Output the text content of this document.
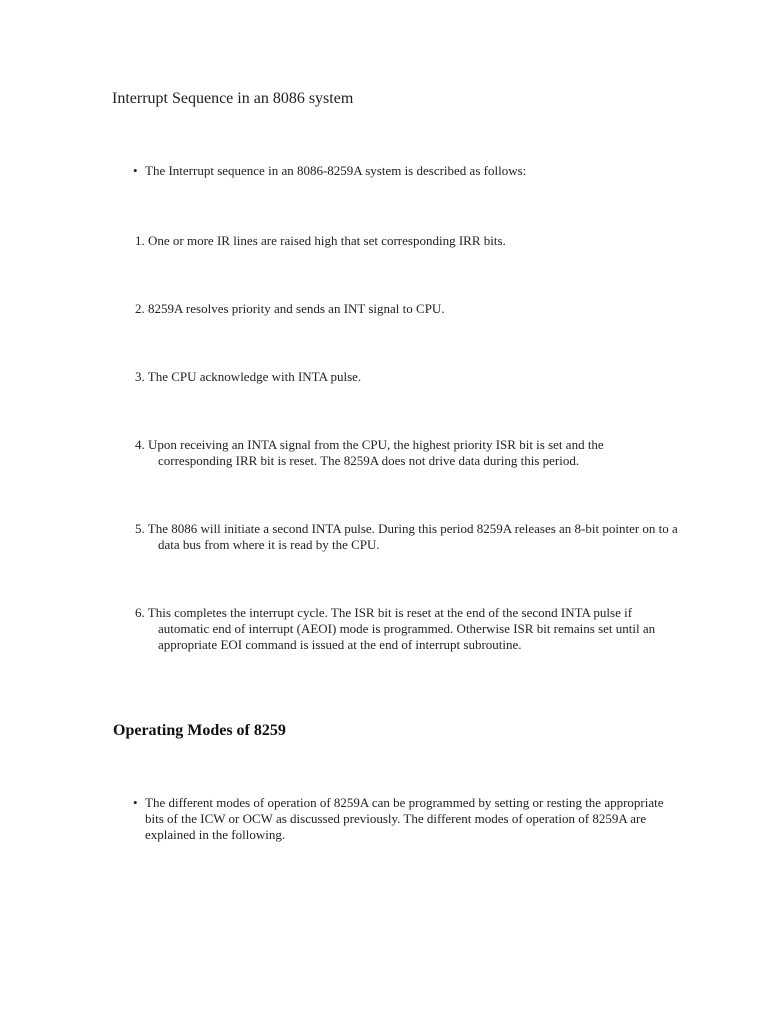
Interrupt Sequence in an 8086 system

• The Interrupt sequence in an 8086-8259A system is described as follows:

1. One or more IR lines are raised high that set corresponding IRR bits.

2. 8259A resolves priority and sends an INT signal to CPU.

3. The CPU acknowledge with INTA pulse.

4. Upon receiving an INTA signal from the CPU, the highest priority ISR bit is set and the corresponding IRR bit is reset. The 8259A does not drive data during this period.

5. The 8086 will initiate a second INTA pulse. During this period 8259A releases an 8-bit pointer on to a data bus from where it is read by the CPU.

6. This completes the interrupt cycle. The ISR bit is reset at the end of the second INTA pulse if automatic end of interrupt (AEOI) mode is programmed. Otherwise ISR bit remains set until an appropriate EOI command is issued at the end of interrupt subroutine.

Operating Modes of 8259

• The different modes of operation of 8259A can be programmed by setting or resting the appropriate bits of the ICW or OCW as discussed previously. The different modes of operation of 8259A are explained in the following.
